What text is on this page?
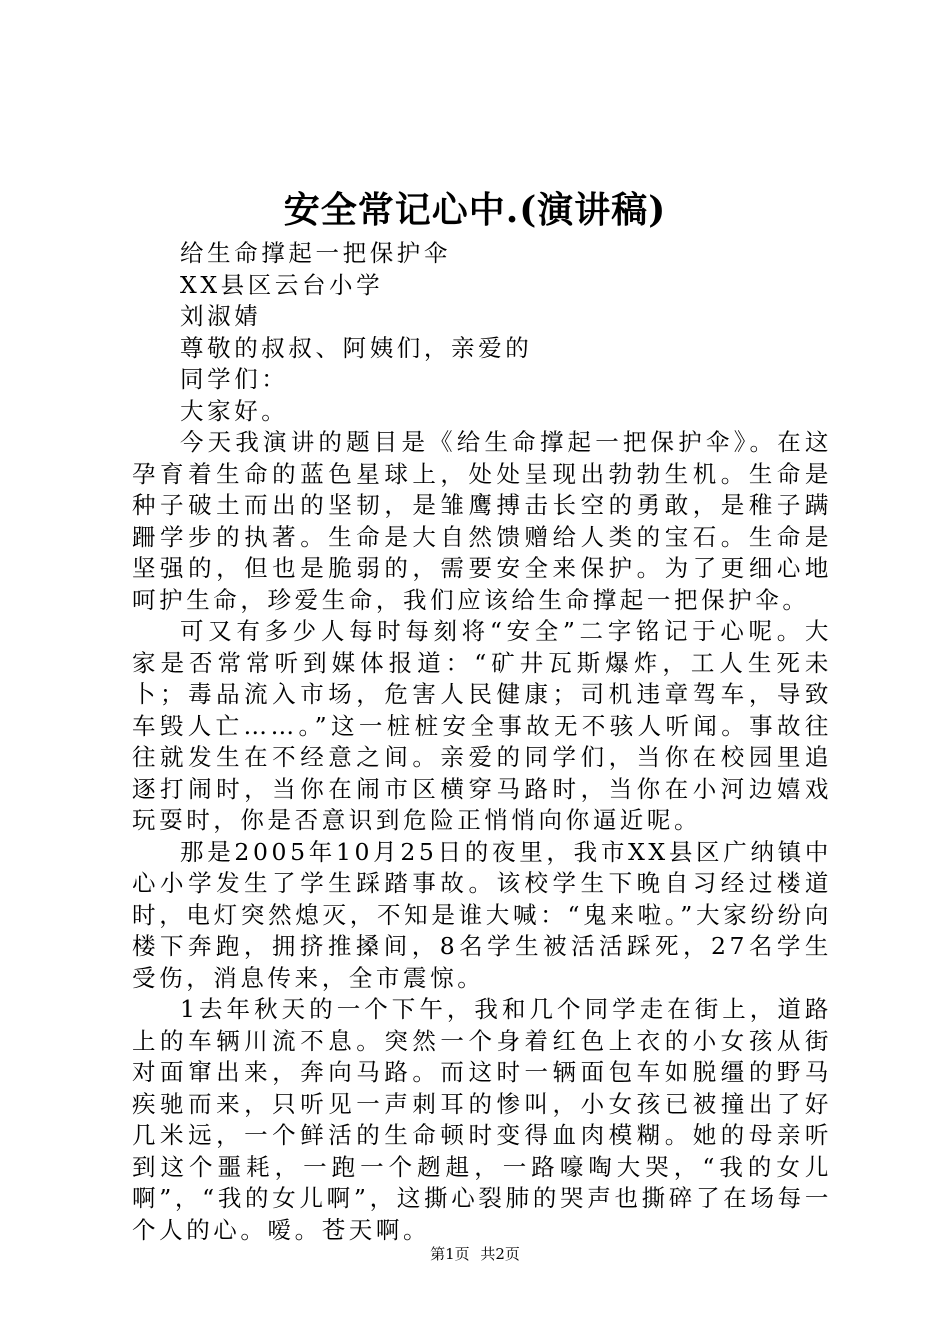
安全常记心中.(演讲稿)

给生命撑起一把保护伞

XX县区云台小学

刘淑婧

尊敬的叔叔、阿姨们，亲爱的

同学们：

大家好。

今天我演讲的题目是《给生命撑起一把保护伞》。在这孕育着生命的蓝色星球上，处处呈现出勃勃生机。生命是种子破土而出的坚韧，是雏鹰搏击长空的勇敢，是稚子蹒跚学步的执著。生命是大自然馈赠给人类的宝石。生命是坚强的，但也是脆弱的，需要安全来保护。为了更细心地呵护生命，珍爱生命，我们应该给生命撑起一把保护伞。

可又有多少人每时每刻将“安全”二字铭记于心呢。大家是否常常听到媒体报道：“矿井瓦斯爆炸，工人生死未卜；毒品流入市场，危害人民健康；司机违章驾车，导致车毁人亡……。”这一桩桩安全事故无不骇人听闻。事故往往就发生在不经意之间。亲爱的同学们，当你在校园里追逐打闹时，当你在闹市区横穿马路时，当你在小河边嬉戏玩耍时，你是否意识到危险正悄悄向你逼近呢。

那是2005年10月25日的夜里，我市XX县区广纳镇中心小学发生了学生踩踏事故。该校学生下晚自习经过楼道时，电灯突然熄灭，不知是谁大喊：“鬼来啦。”大家纷纷向楼下奔跑，拥挤推搡间，8名学生被活活踩死，27名学生受伤，消息传来，全市震惊。

1去年秋天的一个下午，我和几个同学走在街上，道路上的车辆川流不息。突然一个身着红色上衣的小女孩从街对面窜出来，奔向马路。而这时一辆面包车如脱缰的野马疾驰而来，只听见一声刺耳的惨叫，小女孩已被撞出了好几米远，一个鲜活的生命顿时变得血肉模糊。她的母亲听到这个噩耗，一跑一个趔趄，一路嚎啕大哭，“我的女儿啊”，“我的女儿啊”，这撕心裂肺的哭声也撕碎了在场每一个人的心。嗳。苍天啊。

第1页 共2页
